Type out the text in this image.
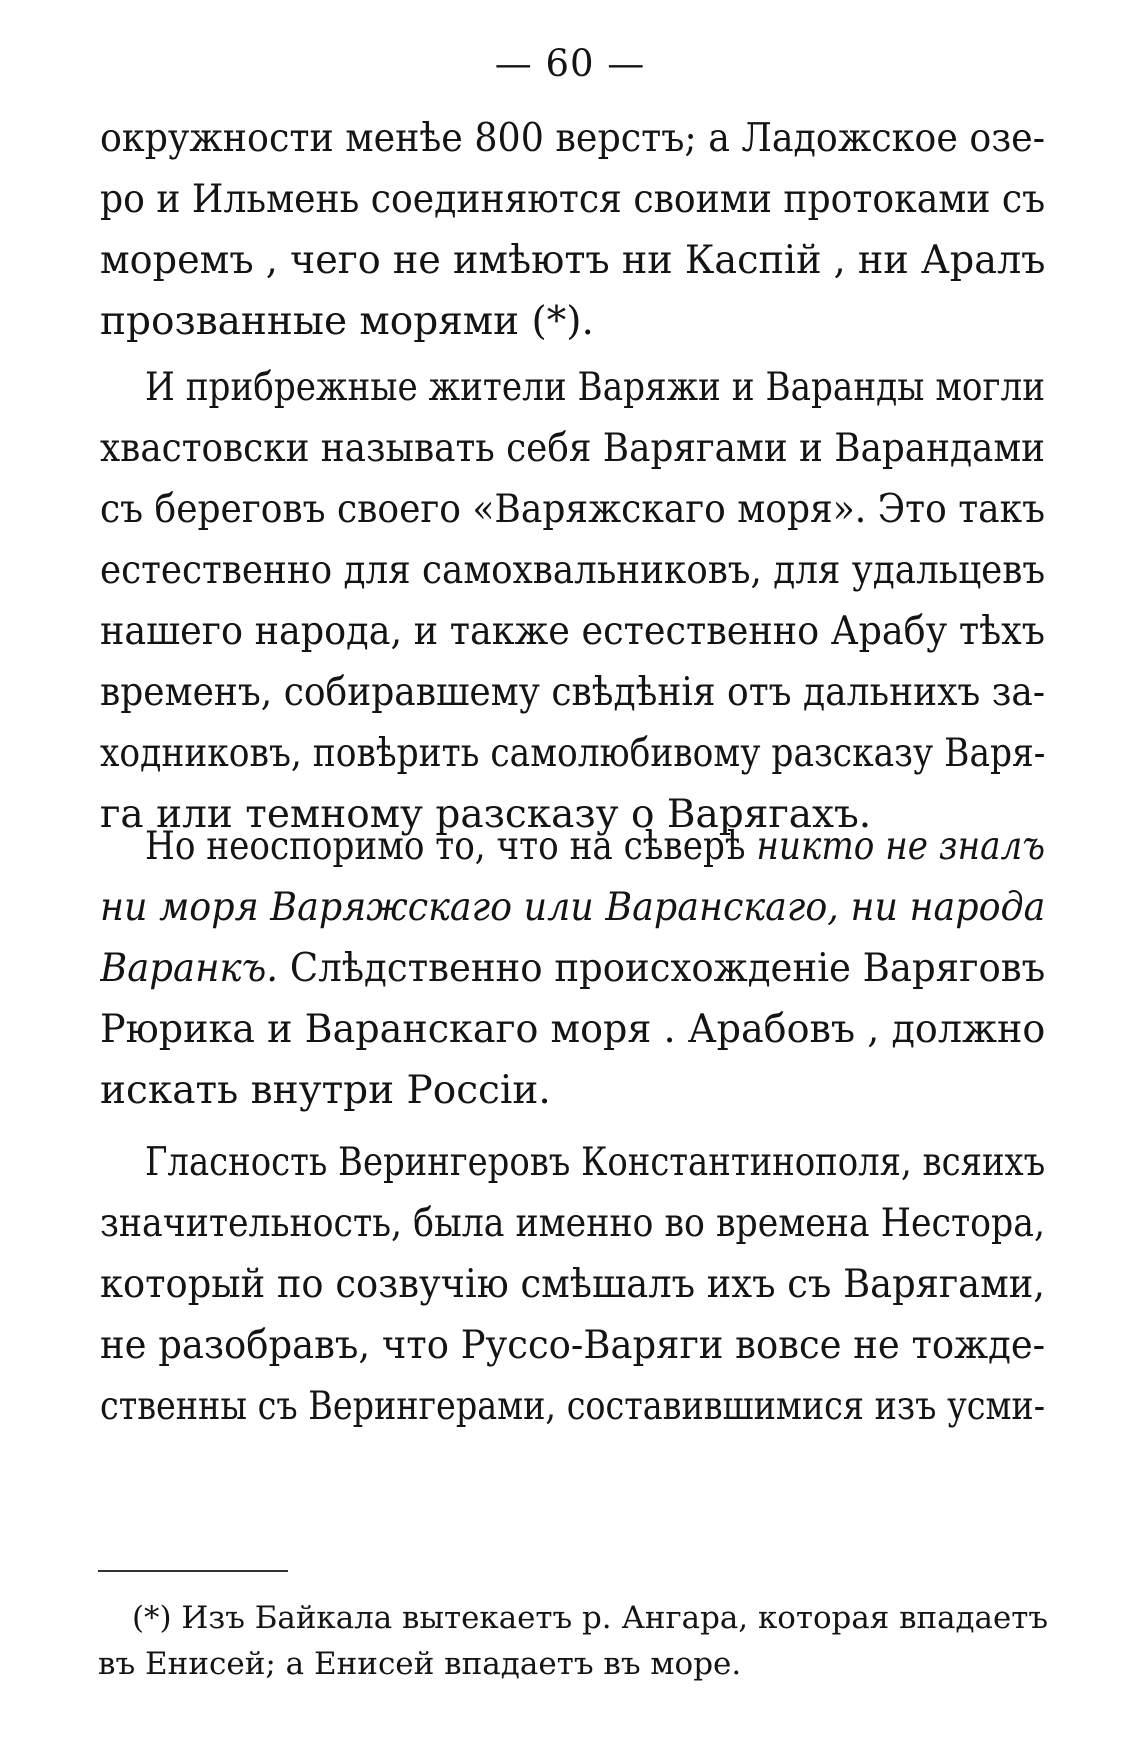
— 60 —
окружности менѣе 800 верстъ; а Ладожское озе-
ро и Ильмень соединяются своими протоками съ
моремъ , чего не имѣютъ ни Каспій , ни Аралъ
прозванные морями (*).
И прибрежные жители Варяжи и Варанды могли
хвастовски называть себя Варягами и Варандами
съ береговъ своего «Варяжскаго моря». Это такъ
естественно для самохвальниковъ, для удальцевъ
нашего народа, и также естественно Арабу тѣхъ
временъ, собиравшему свѣдѣнія отъ дальнихъ за-
ходниковъ, повѣрить самолюбивому разсказу Варя-
га или темному разсказу о Варягахъ.
Но неоспоримо то, что на сѣверѣ никто не зналъ
ни моря Варяжскаго или Варанскаго, ни народа
Варанкъ. Слѣдственно происхожденіе Варяговъ
Рюрика и Варанскаго моря . Арабовъ , должно
искать внутри Россіи.
Гласность Верингеровъ Константинополя, всяихъ
значительность, была именно во времена Нестора,
который по созвучію смѣшалъ ихъ съ Варягами,
не разобравъ, что Руссо-Варяги вовсе не тожде-
ственны съ Верингерами, составившимися изъ усми-
(*) Изъ Байкала вытекаетъ р. Ангара, которая впадаетъ
въ Енисей; а Енисей впадаетъ въ море.
